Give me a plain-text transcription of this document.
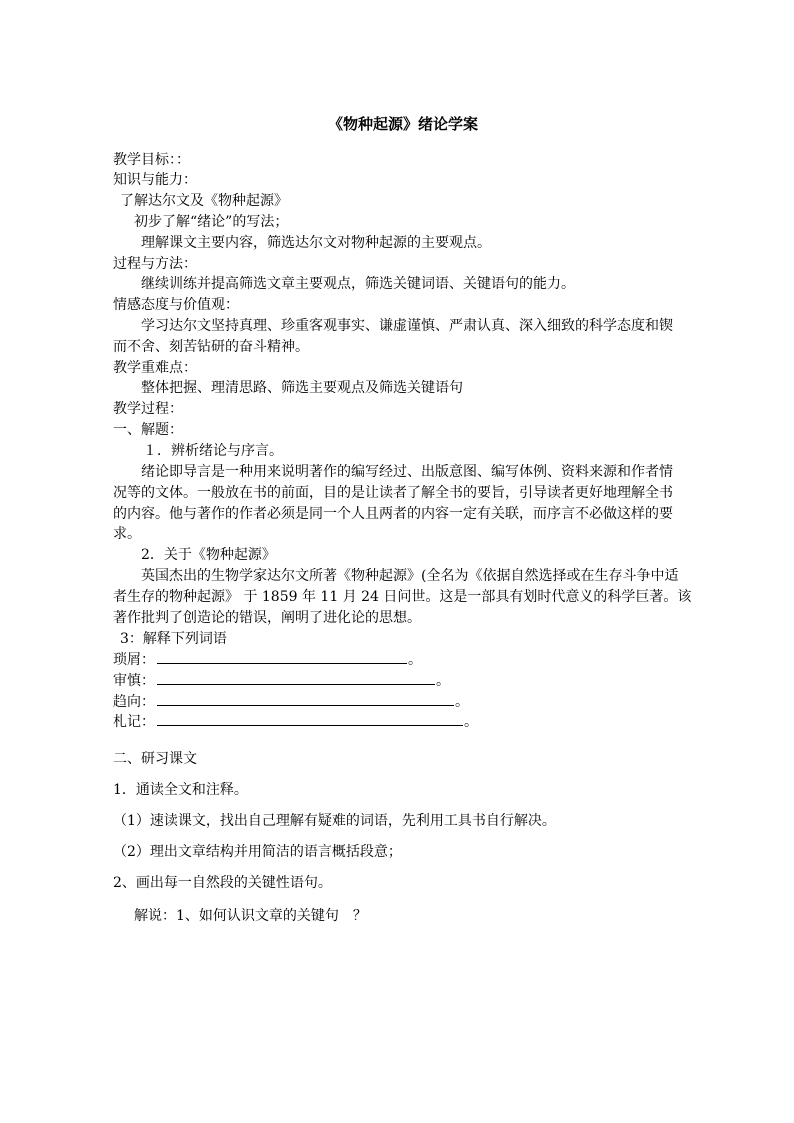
《物种起源》绪论学案
教学目标：：
知识与能力：
了解达尔文及《物种起源》
初步了解“绪论”的写法；
理解课文主要内容，筛选达尔文对物种起源的主要观点。
过程与方法：
继续训练并提高筛选文章主要观点，筛选关键词语、关键语句的能力。
情感态度与价值观：
学习达尔文坚持真理、珍重客观事实、谦虚谨慎、严肃认真、深入细致的科学态度和锲
而不舍、刻苦钻研的奋斗精神。
教学重难点：
整体把握、理清思路、筛选主要观点及筛选关键语句
教学过程：
一、解题：
１．辨析绪论与序言。
绪论即导言是一种用来说明著作的编写经过、出版意图、编写体例、资料来源和作者情
况等的文体。一般放在书的前面，目的是让读者了解全书的要旨，引导读者更好地理解全书
的内容。他与著作的作者必须是同一个人且两者的内容一定有关联，而序言不必做这样的要
求。
2．关于《物种起源》
英国杰出的生物学家达尔文所著《物种起源》(全名为《依据自然选择或在生存斗争中适
者生存的物种起源》 于 1859 年 11 月 24 日问世。这是一部具有划时代意义的科学巨著。该
著作批判了创造论的错误，阐明了进化论的思想。
3：解释下列词语
琐屑：	。
审慎：	。
趋向：	。
札记：	。
二、研习课文
1．通读全文和注释。
（1）速读课文，找出自己理解有疑难的词语，先利用工具书自行解决。
（2）理出文章结构并用简洁的语言概括段意；
2、画出每一自然段的关键性语句。
解说：1、如何认识文章的关键句　？
